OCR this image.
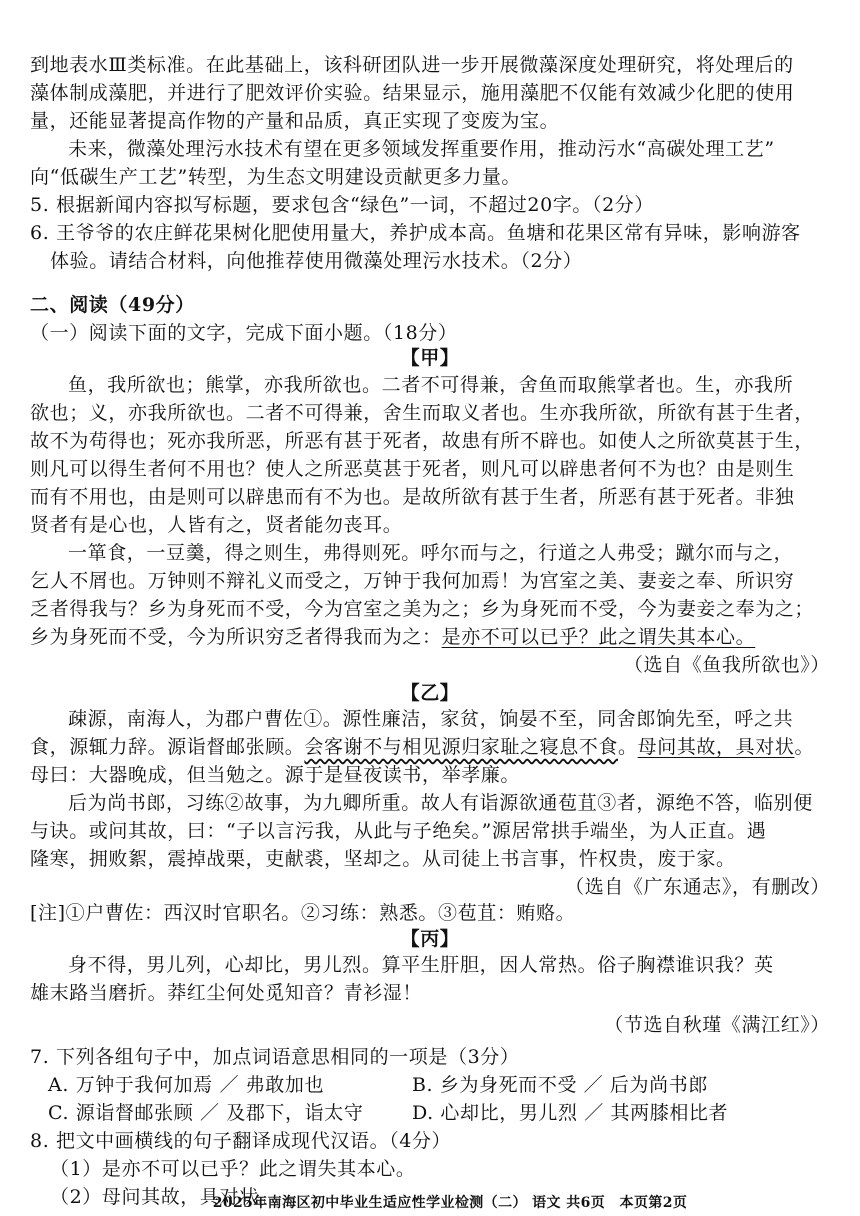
到地表水Ⅲ类标准。在此基础上，该科研团队进一步开展微藻深度处理研究，将处理后的
藻体制成藻肥，并进行了肥效评价实验。结果显示，施用藻肥不仅能有效减少化肥的使用
量，还能显著提高作物的产量和品质，真正实现了变废为宝。
未来，微藻处理污水技术有望在更多领域发挥重要作用，推动污水“高碳处理工艺”
向“低碳生产工艺”转型，为生态文明建设贡献更多力量。
5. 根据新闻内容拟写标题，要求包含“绿色”一词，不超过20字。（2分）
6. 王爷爷的农庄鲜花果树化肥使用量大，养护成本高。鱼塘和花果区常有异味，影响游客
体验。请结合材料，向他推荐使用微藻处理污水技术。（2分）
二、阅读（49分）
（一）阅读下面的文字，完成下面小题。（18分）
【甲】
鱼，我所欲也；熊掌，亦我所欲也。二者不可得兼，舍鱼而取熊掌者也。生，亦我所
欲也；义，亦我所欲也。二者不可得兼，舍生而取义者也。生亦我所欲，所欲有甚于生者，
故不为苟得也；死亦我所恶，所恶有甚于死者，故患有所不辟也。如使人之所欲莫甚于生，
则凡可以得生者何不用也？使人之所恶莫甚于死者，则凡可以辟患者何不为也？由是则生
而有不用也，由是则可以辟患而有不为也。是故所欲有甚于生者，所恶有甚于死者。非独
贤者有是心也，人皆有之，贤者能勿丧耳。
一箪食，一豆羹，得之则生，弗得则死。呼尔而与之，行道之人弗受；蹴尔而与之，
乞人不屑也。万钟则不辩礼义而受之，万钟于我何加焉！为宫室之美、妻妾之奉、所识穷
乏者得我与？乡为身死而不受，今为宫室之美为之；乡为身死而不受，今为妻妾之奉为之；
乡为身死而不受，今为所识穷乏者得我而为之：是亦不可以已乎？此之谓失其本心。
（选自《鱼我所欲也》）
【乙】
疎源，南海人，为郡户曹佐①。源性廉洁，家贫，饷晏不至，同舍郎饷先至，呼之共
食，源辄力辞。源诣督邮张顾。会客谢不与相见源归家耻之寝息不食。母问其故，具对状。
母曰：大器晚成，但当勉之。源于是昼夜读书，举孝廉。
后为尚书郎，习练②故事，为九卿所重。故人有诣源欲通苞苴③者，源绝不答，临别便
与诀。或问其故，曰：“子以言污我，从此与子绝矣。”源居常拱手端坐，为人正直。遇
隆寒，拥败絮，震掉战栗，吏献裘，坚却之。从司徒上书言事，忤权贵，废于家。
（选自《广东通志》，有删改）
[注]①户曹佐：西汉时官职名。②习练：熟悉。③苞苴：贿赂。
【丙】
身不得，男儿列，心却比，男儿烈。算平生肝胆，因人常热。俗子胸襟谁识我？英
雄末路当磨折。莽红尘何处觅知音？青衫湿！
（节选自秋瑾《满江红》）
7. 下列各组句子中，加点词语意思相同的一项是（3分）
A. 万钟于我何加焉 ／ 弗敢加也	B. 乡为身死而不受 ／ 后为尚书郎
C. 源诣督邮张顾 ／ 及郡下，诣太守	D. 心却比，男儿烈 ／ 其两膝相比者
8. 把文中画横线的句子翻译成现代汉语。（4分）
（1）是亦不可以已乎？此之谓失其本心。
（2）母问其故，具对状。
2025年南海区初中毕业生适应性学业检测（二） 语文 共6页　本页第2页
